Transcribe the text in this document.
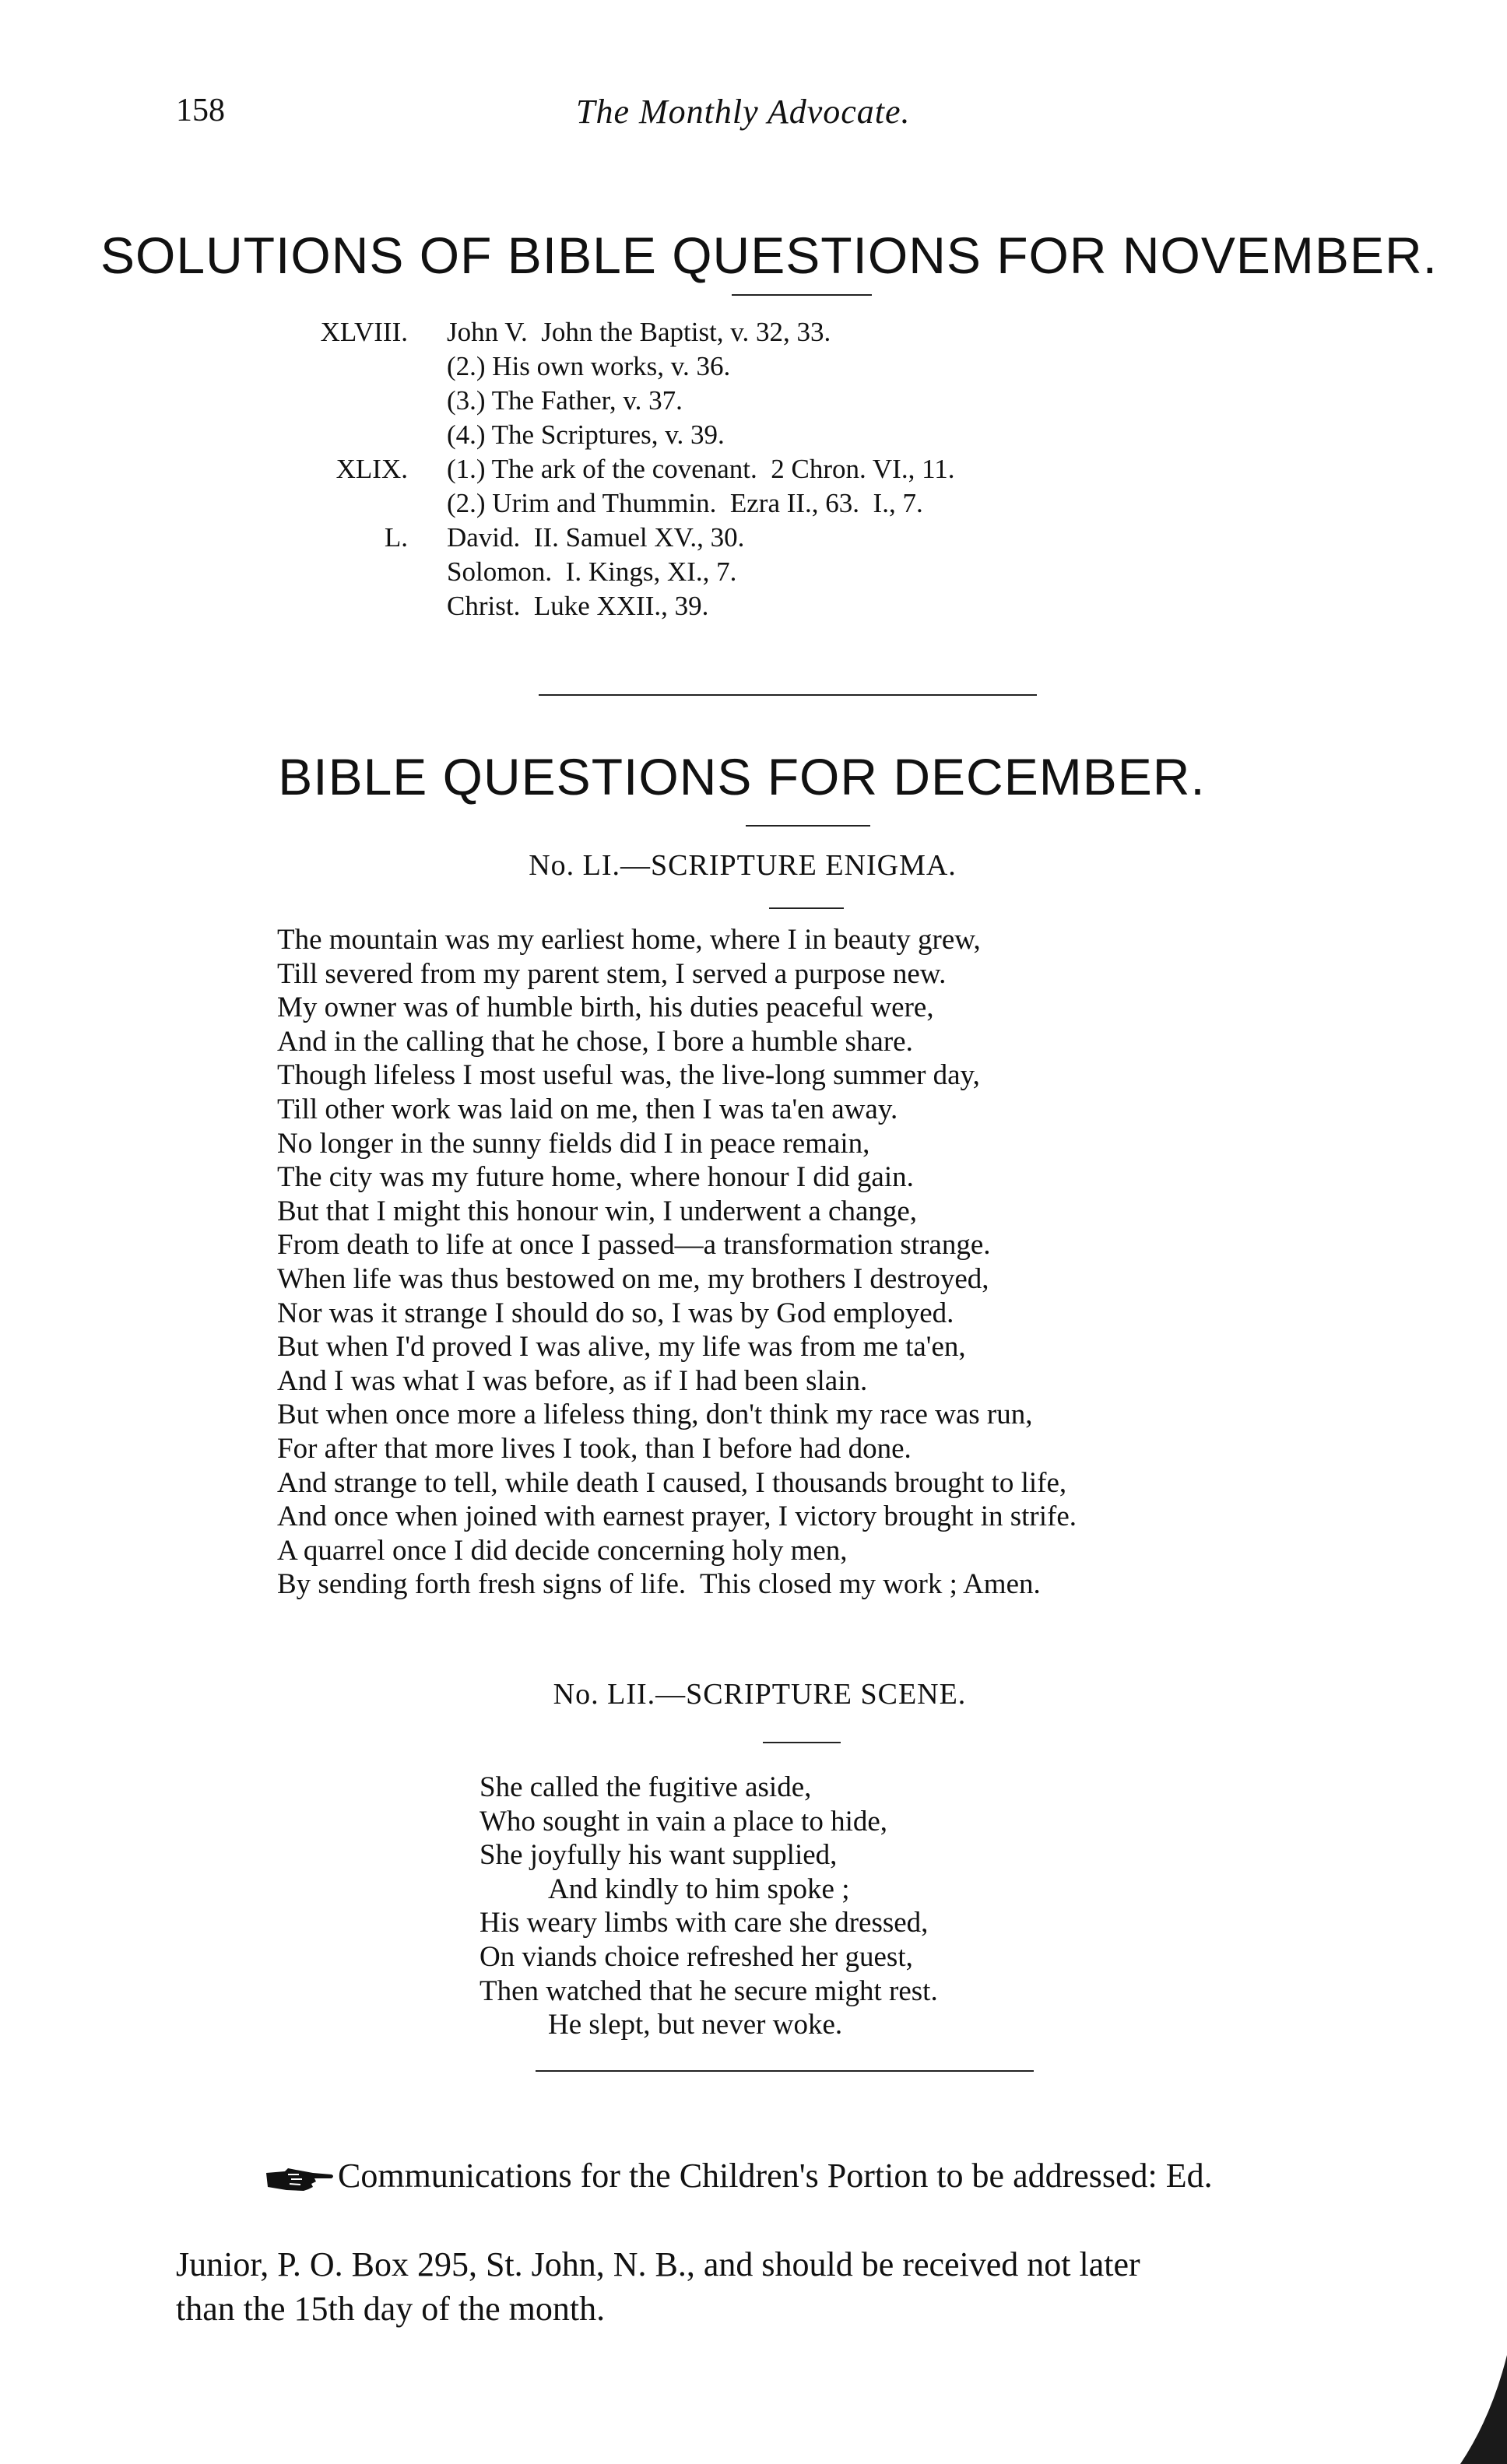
158	The Monthly Advocate.
SOLUTIONS OF BIBLE QUESTIONS FOR NOVEMBER.
XLVIII. John V.  John the Baptist, v. 32, 33.
(2.) His own works, v. 36.
(3.) The Father, v. 37.
(4.) The Scriptures, v. 39.
XLIX. (1.) The ark of the covenant.  2 Chron. VI., 11.
(2.) Urim and Thummin.  Ezra II., 63.  I., 7.
L. David.  II. Samuel XV., 30.
Solomon.  I. Kings, XI., 7.
Christ.  Luke XXII., 39.
BIBLE QUESTIONS FOR DECEMBER.
No. LI.—SCRIPTURE ENIGMA.
The mountain was my earliest home, where I in beauty grew,
Till severed from my parent stem, I served a purpose new.
My owner was of humble birth, his duties peaceful were,
And in the calling that he chose, I bore a humble share.
Though lifeless I most useful was, the live-long summer day,
Till other work was laid on me, then I was ta'en away.
No longer in the sunny fields did I in peace remain,
The city was my future home, where honour I did gain.
But that I might this honour win, I underwent a change,
From death to life at once I passed—a transformation strange.
When life was thus bestowed on me, my brothers I destroyed,
Nor was it strange I should do so, I was by God employed.
But when I'd proved I was alive, my life was from me ta'en,
And I was what I was before, as if I had been slain.
But when once more a lifeless thing, don't think my race was run,
For after that more lives I took, than I before had done.
And strange to tell, while death I caused, I thousands brought to life,
And once when joined with earnest prayer, I victory brought in strife.
A quarrel once I did decide concerning holy men,
By sending forth fresh signs of life.  This closed my work ; Amen.
No. LII.—SCRIPTURE SCENE.
She called the fugitive aside,
Who sought in vain a place to hide,
She joyfully his want supplied,
And kindly to him spoke ;
His weary limbs with care she dressed,
On viands choice refreshed her guest,
Then watched that he secure might rest.
He slept, but never woke.

Communications for the Children's Portion to be addressed: Ed.

Junior, P. O. Box 295, St. John, N. B., and should be received not later
than the 15th day of the month.
